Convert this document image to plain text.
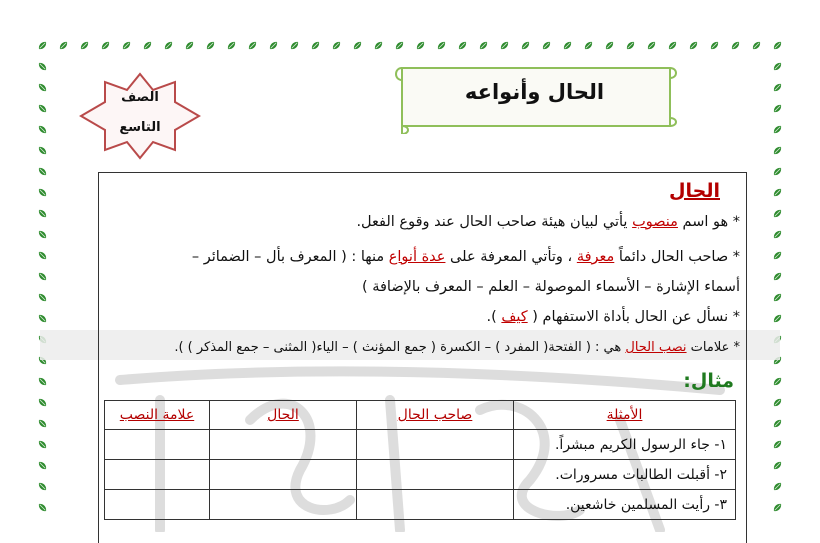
الصف
التاسع
الحال وأنواعه
الحال
* هو اسم منصوب يأتي لبيان هيئة صاحب الحال عند وقوع الفعل.
* صاحب الحال دائماً معرفة ، وتأتي المعرفة على عدة أنواع منها : ( المعرف بأل – الضمائر –
أسماء الإشارة – الأسماء الموصولة – العلم – المعرف بالإضافة )
* نسأل عن الحال بأداة الاستفهام ( كيف ).
* علامات نصب الحال هي : ( الفتحة( المفرد ) – الكسرة ( جمع المؤنث ) – الياء( المثنى – جمع المذكر ) ).
مثال:
الأمثلة	صاحب الحال	الحال	علامة النصب
١- جاء الرسول الكريم مبشراً.			
٢- أقبلت الطالبات مسرورات.			
٣- رأيت المسلمين خاشعين.			
